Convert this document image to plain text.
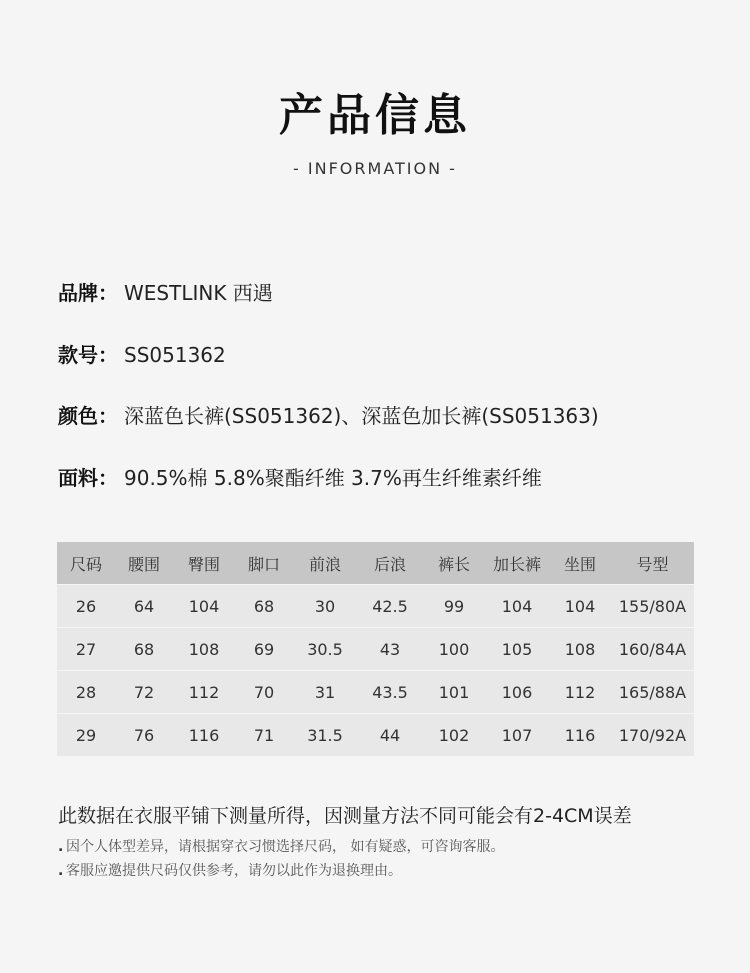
产品信息
- INFORMATION -
品牌： WESTLINK 西遇
款号： SS051362
颜色： 深蓝色长裤(SS051362)、深蓝色加长裤(SS051363)
面料： 90.5%棉 5.8%聚酯纤维 3.7%再生纤维素纤维
尺码	腰围	臀围	脚口	前浪	后浪	裤长	加长裤	坐围	号型
26	64	104	68	30	42.5	99	104	104	155/80A
27	68	108	69	30.5	43	100	105	108	160/84A
28	72	112	70	31	43.5	101	106	112	165/88A
29	76	116	71	31.5	44	102	107	116	170/92A
此数据在衣服平铺下测量所得，因测量方法不同可能会有2-4CM误差
. 因个人体型差异，请根据穿衣习惯选择尺码， 如有疑惑，可咨询客服。
. 客服应邀提供尺码仅供参考，请勿以此作为退换理由。
